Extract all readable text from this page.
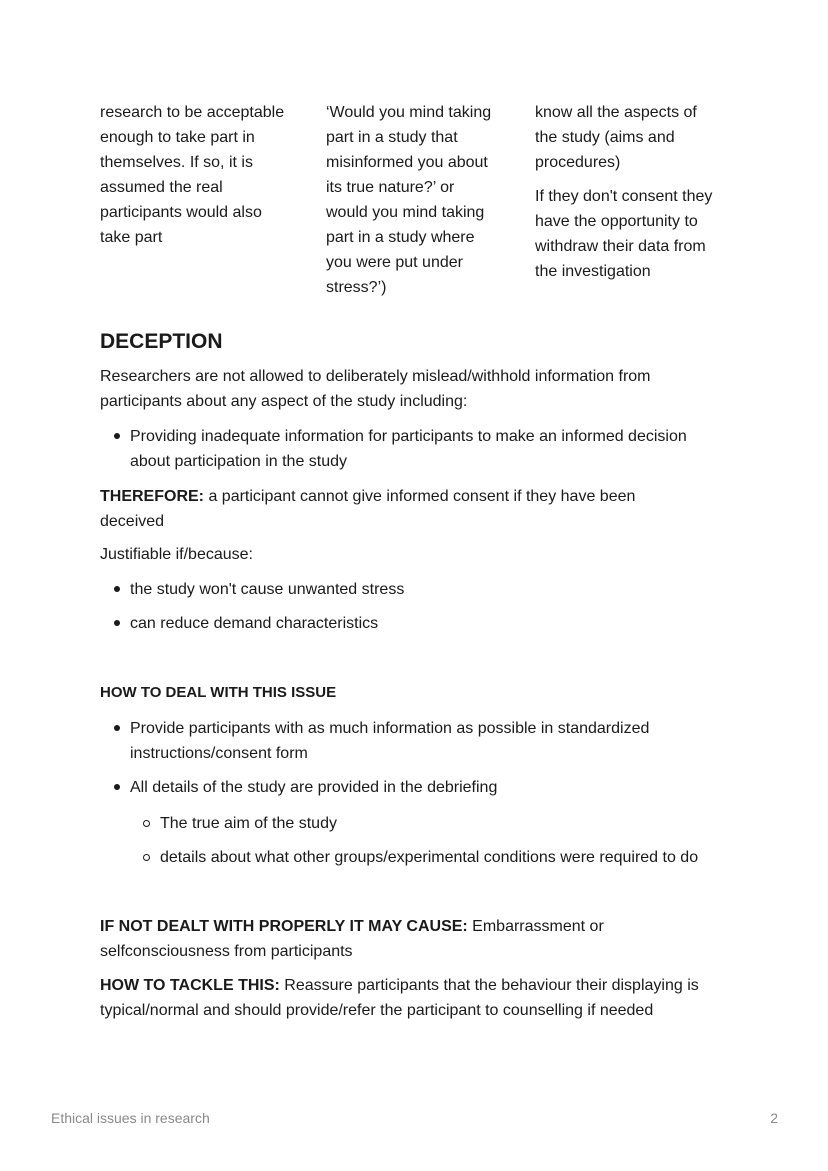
research to be acceptable
enough to take part in
themselves. If so, it is
assumed the real
participants would also
take part
‘Would you mind taking
part in a study that
misinformed you about
its true nature?’ or
would you mind taking
part in a study where
you were put under
stress?’)
know all the aspects of
the study (aims and
procedures)
If they don't consent they
have the opportunity to
withdraw their data from
the investigation
DECEPTION
Researchers are not allowed to deliberately mislead/withhold information from
participants about any aspect of the study including:
Providing inadequate information for participants to make an informed decision
about participation in the study
THEREFORE: a participant cannot give informed consent if they have been
deceived
Justifiable if/because:
the study won't cause unwanted stress
can reduce demand characteristics
HOW TO DEAL WITH THIS ISSUE
Provide participants with as much information as possible in standardized
instructions/consent form
All details of the study are provided in the debriefing
The true aim of the study
details about what other groups/experimental conditions were required to do
IF NOT DEALT WITH PROPERLY IT MAY CAUSE: Embarrassment or
selfconsciousness from participants
HOW TO TACKLE THIS: Reassure participants that the behaviour their displaying is
typical/normal and should provide/refer the participant to counselling if needed
Ethical issues in research	2
